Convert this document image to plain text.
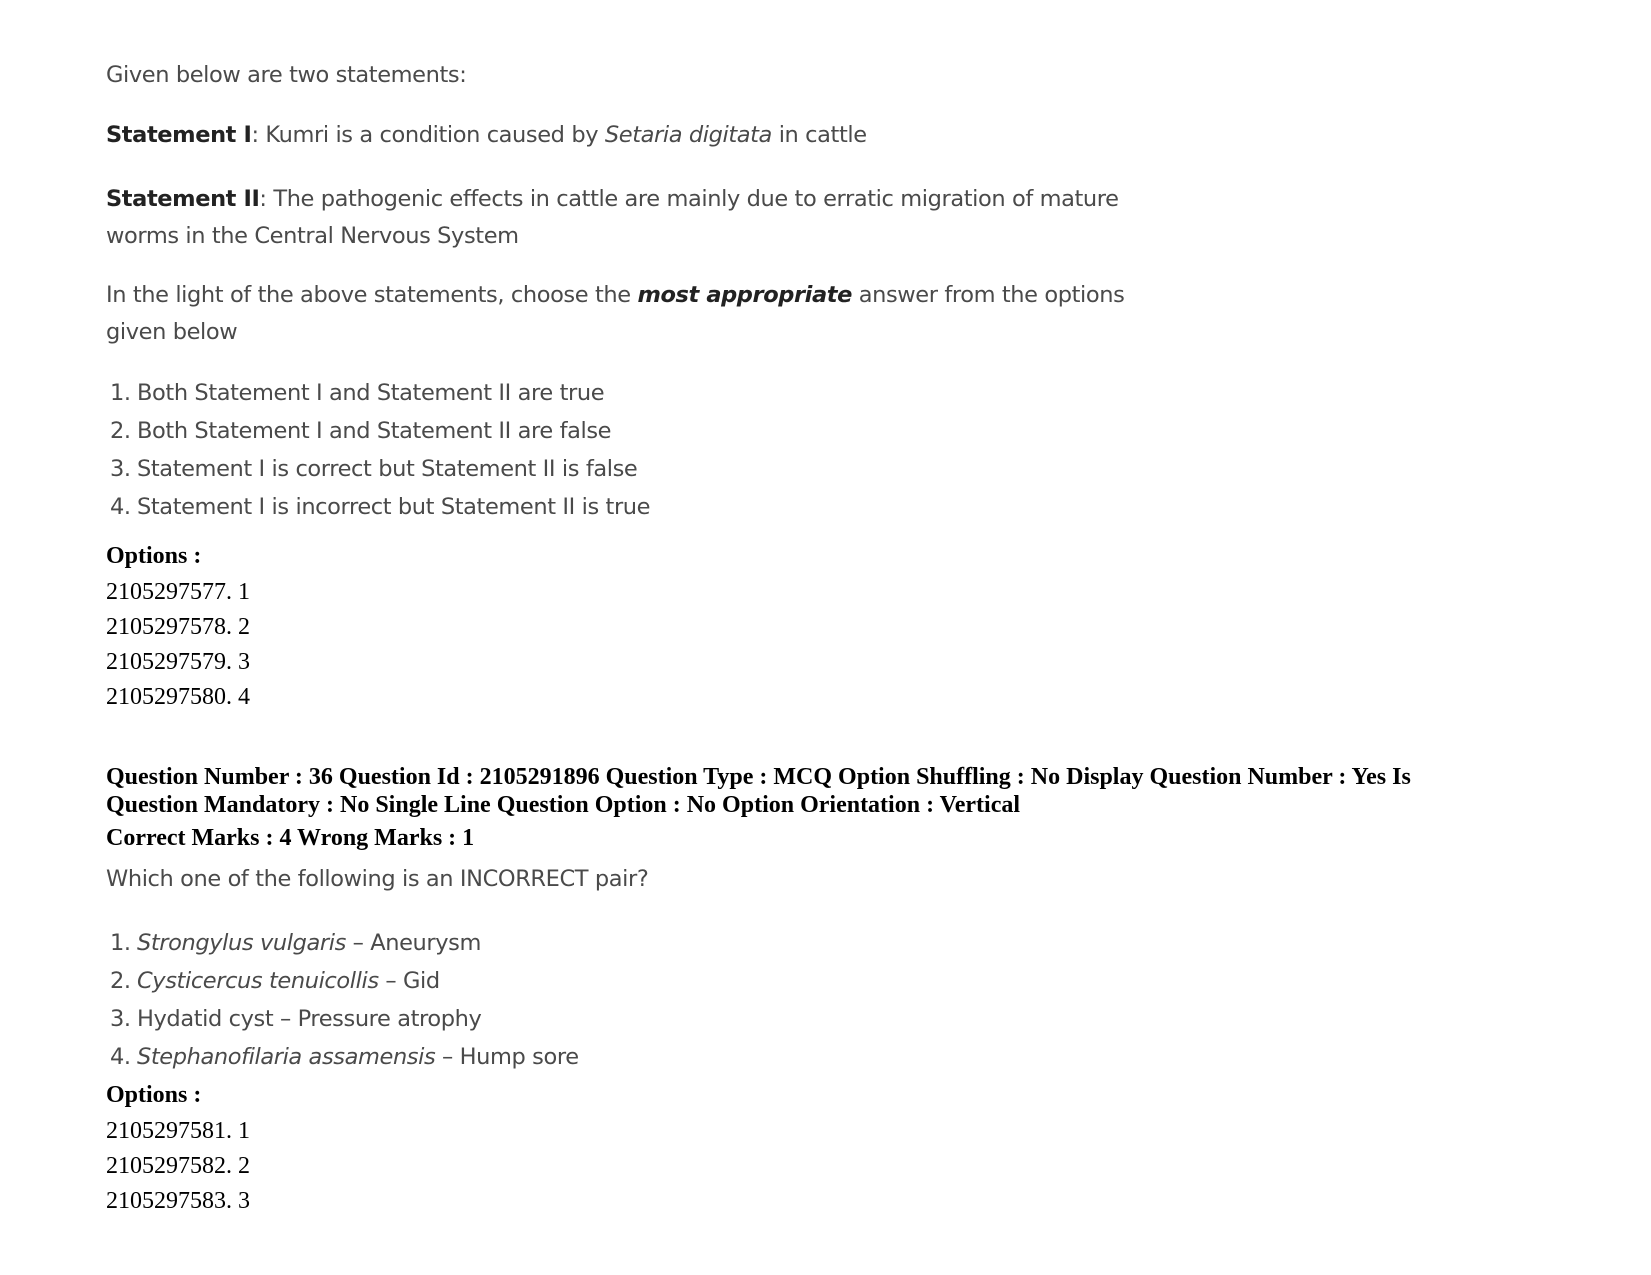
Given below are two statements:
Statement I: Kumri is a condition caused by Setaria digitata in cattle
Statement II: The pathogenic effects in cattle are mainly due to erratic migration of mature
worms in the Central Nervous System
In the light of the above statements, choose the most appropriate answer from the options
given below
1. Both Statement I and Statement II are true
2. Both Statement I and Statement II are false
3. Statement I is correct but Statement II is false
4. Statement I is incorrect but Statement II is true
Options :
2105297577. 1
2105297578. 2
2105297579. 3
2105297580. 4
Question Number : 36 Question Id : 2105291896 Question Type : MCQ Option Shuffling : No Display Question Number : Yes Is
Question Mandatory : No Single Line Question Option : No Option Orientation : Vertical
Correct Marks : 4 Wrong Marks : 1
Which one of the following is an INCORRECT pair?
1. Strongylus vulgaris – Aneurysm
2. Cysticercus tenuicollis – Gid
3. Hydatid cyst – Pressure atrophy
4. Stephanofilaria assamensis – Hump sore
Options :
2105297581. 1
2105297582. 2
2105297583. 3
